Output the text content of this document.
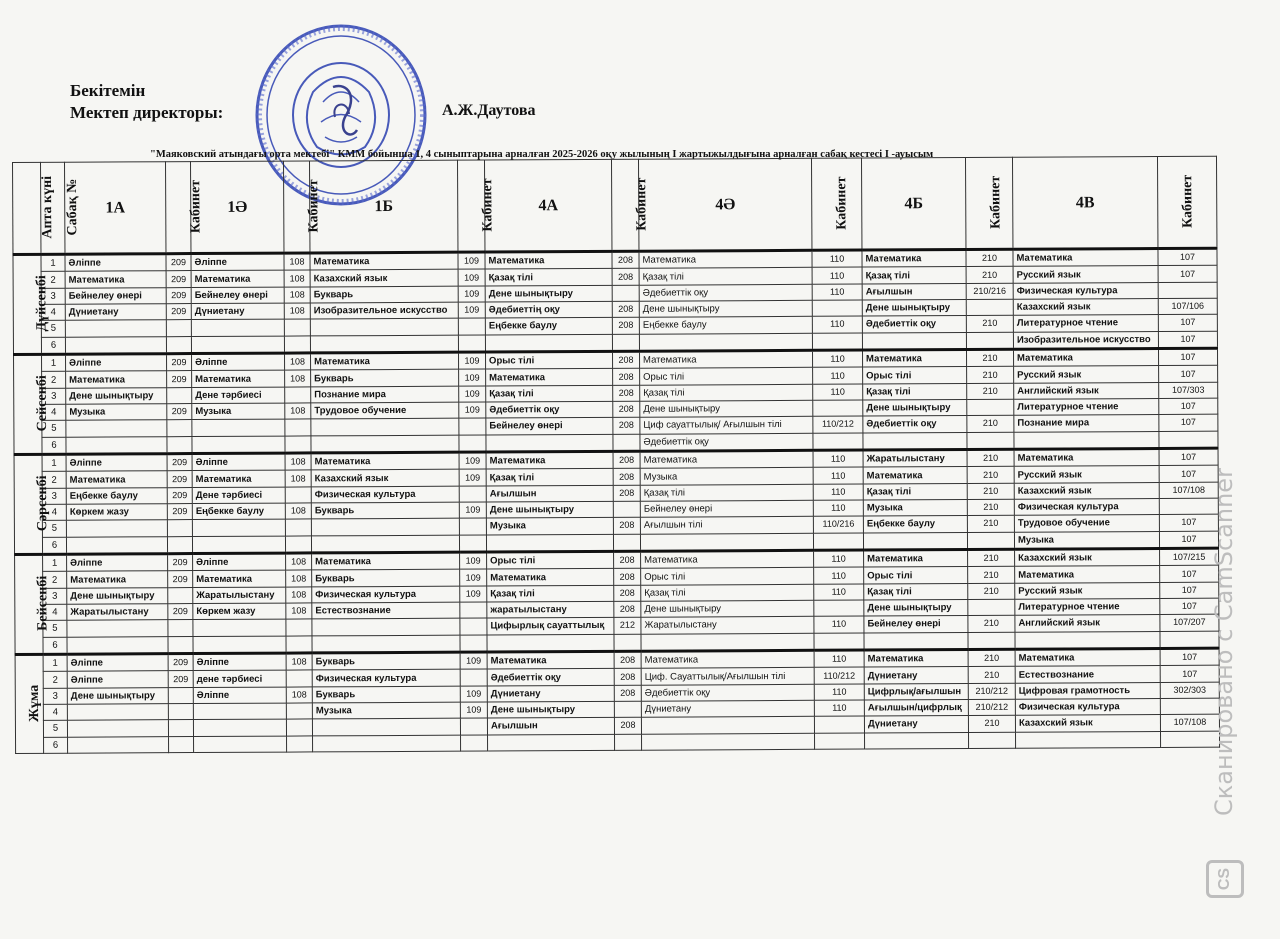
Бекітемін
Мектеп директоры:	А.Ж.Даутова
"Маяковский атындағы орта мектебі" КММ бойынша 1, 4 сыныптарына арналған 2025-2026 оқу жылының I жартыжылдығына арналған сабақ кестесі I -ауысым
Апта күні	Сабақ №	1А	Кабинет	1Ә	Кабинет	1Б	Кабинет	4А	Кабинет	4Ә	Кабинет	4Б	Кабинет	4В	Кабинет
Дүйсенбі	1	Әліппе	209	Әліппе	108	Математика	109	Математика	208	Математика	110	Математика	210	Математика	107
	2	Математика	209	Математика	108	Казахский язык	109	Қазақ тілі	208	Қазақ тілі	110	Қазақ тілі	210	Русский язык	107
	3	Бейнелеу өнері	209	Бейнелеу өнері	108	Букварь	109	Дене шынықтыру		Әдебиеттік оқу	110	Ағылшын	210/216	Физическая культура	
	4	Дүниетану	209	Дүниетану	108	Изобразительное искусство	109	Әдебиеттің оқу	208	Дене шынықтыру		Дене шынықтыру		Казахский язык	107/106
	5							Еңбекке баулу	208	Еңбекке баулу	110	Әдебиеттік оқу	210	Литературное чтение	107
	6													Изобразительное искусство	107
Сейсенбі	1	Әліппе	209	Әліппе	108	Математика	109	Орыс тілі	208	Математика	110	Математика	210	Математика	107
	2	Математика	209	Математика	108	Букварь	109	Математика	208	Орыс тілі	110	Орыс тілі	210	Русский язык	107
	3	Дене шынықтыру		Дене тәрбиесі		Познание мира	109	Қазақ тілі	208	Қазақ тілі	110	Қазақ тілі	210	Английский язык	107/303
	4	Музыка	209	Музыка	108	Трудовое обучение	109	Әдебиеттік оқу	208	Дене шынықтыру		Дене шынықтыру		Литературное чтение	107
	5							Бейнелеу өнері	208	Циф сауаттылық/ Ағылшын тілі	110/212	Әдебиеттік оқу	210	Познание мира	107
	6									Әдебиеттік оқу					
Сәрсенбі	1	Әліппе	209	Әліппе	108	Математика	109	Математика	208	Математика	110	Жаратылыстану	210	Математика	107
	2	Математика	209	Математика	108	Казахский язык	109	Қазақ тілі	208	Музыка	110	Математика	210	Русский язык	107
	3	Еңбекке баулу	209	Дене тәрбиесі		Физическая культура		Ағылшын	208	Қазақ тілі	110	Қазақ тілі	210	Казахский язык	107/108
	4	Көркем жазу	209	Еңбекке баулу	108	Букварь	109	Дене шынықтыру		Бейнелеу өнері	110	Музыка	210	Физическая культура	
	5							Музыка	208	Ағылшын тілі	110/216	Еңбекке баулу	210	Трудовое обучение	107
	6													Музыка	107
Бейсенбі	1	Әліппе	209	Әліппе	108	Математика	109	Орыс тілі	208	Математика	110	Математика	210	Казахский язык	107/215
	2	Математика	209	Математика	108	Букварь	109	Математика	208	Орыс тілі	110	Орыс тілі	210	Математика	107
	3	Дене шынықтыру		Жаратылыстану	108	Физическая культура	109	Қазақ тілі	208	Қазақ тілі	110	Қазақ тілі	210	Русский язык	107
	4	Жаратылыстану	209	Көркем жазу	108	Естествознание		жаратылыстану	208	Дене шынықтыру		Дене шынықтыру		Литературное чтение	107
	5							Цифырлық сауаттылық	212	Жаратылыстану	110	Бейнелеу өнері	210	Английский язык	107/207
	6														
Жұма	1	Әліппе	209	Әліппе	108	Букварь	109	Математика	208	Математика	110	Математика	210	Математика	107
	2	Әліппе	209	дене тәрбиесі		Физическая культура		Әдебиеттік оқу	208	Циф. Сауаттылық/Ағылшын тілі	110/212	Дүниетану	210	Естествознание	107
	3	Дене шынықтыру		Әліппе	108	Букварь	109	Дүниетану	208	Әдебиеттік оқу	110	Цифрлық/ағылшын	210/212	Цифровая грамотность	302/303
	4					Музыка	109	Дене шынықтыру		Дүниетану	110	Ағылшын/цифрлық	210/212	Физическая культура	
	5							Ағылшын	208			Дүниетану	210	Казахский язык	107/108
	6															Сканировано с CamScanner
CS
